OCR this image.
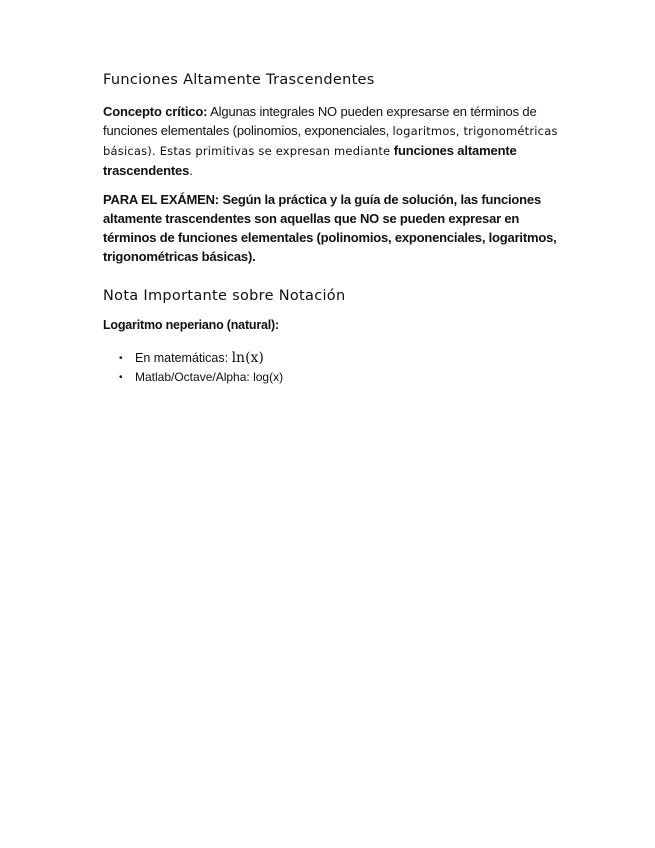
Funciones Altamente Trascendentes

Concepto crítico: Algunas integrales NO pueden expresarse en términos de funciones elementales (polinomios, exponenciales, logaritmos, trigonométricas básicas). Estas primitivas se expresan mediante funciones altamente trascendentes.

PARA EL EXÁMEN: Según la práctica y la guía de solución, las funciones altamente trascendentes son aquellas que NO se pueden expresar en términos de funciones elementales (polinomios, exponenciales, logaritmos, trigonométricas básicas).

Nota Importante sobre Notación

Logaritmo neperiano (natural):

• En matemáticas: ln(x)
• Matlab/Octave/Alpha: log(x)
